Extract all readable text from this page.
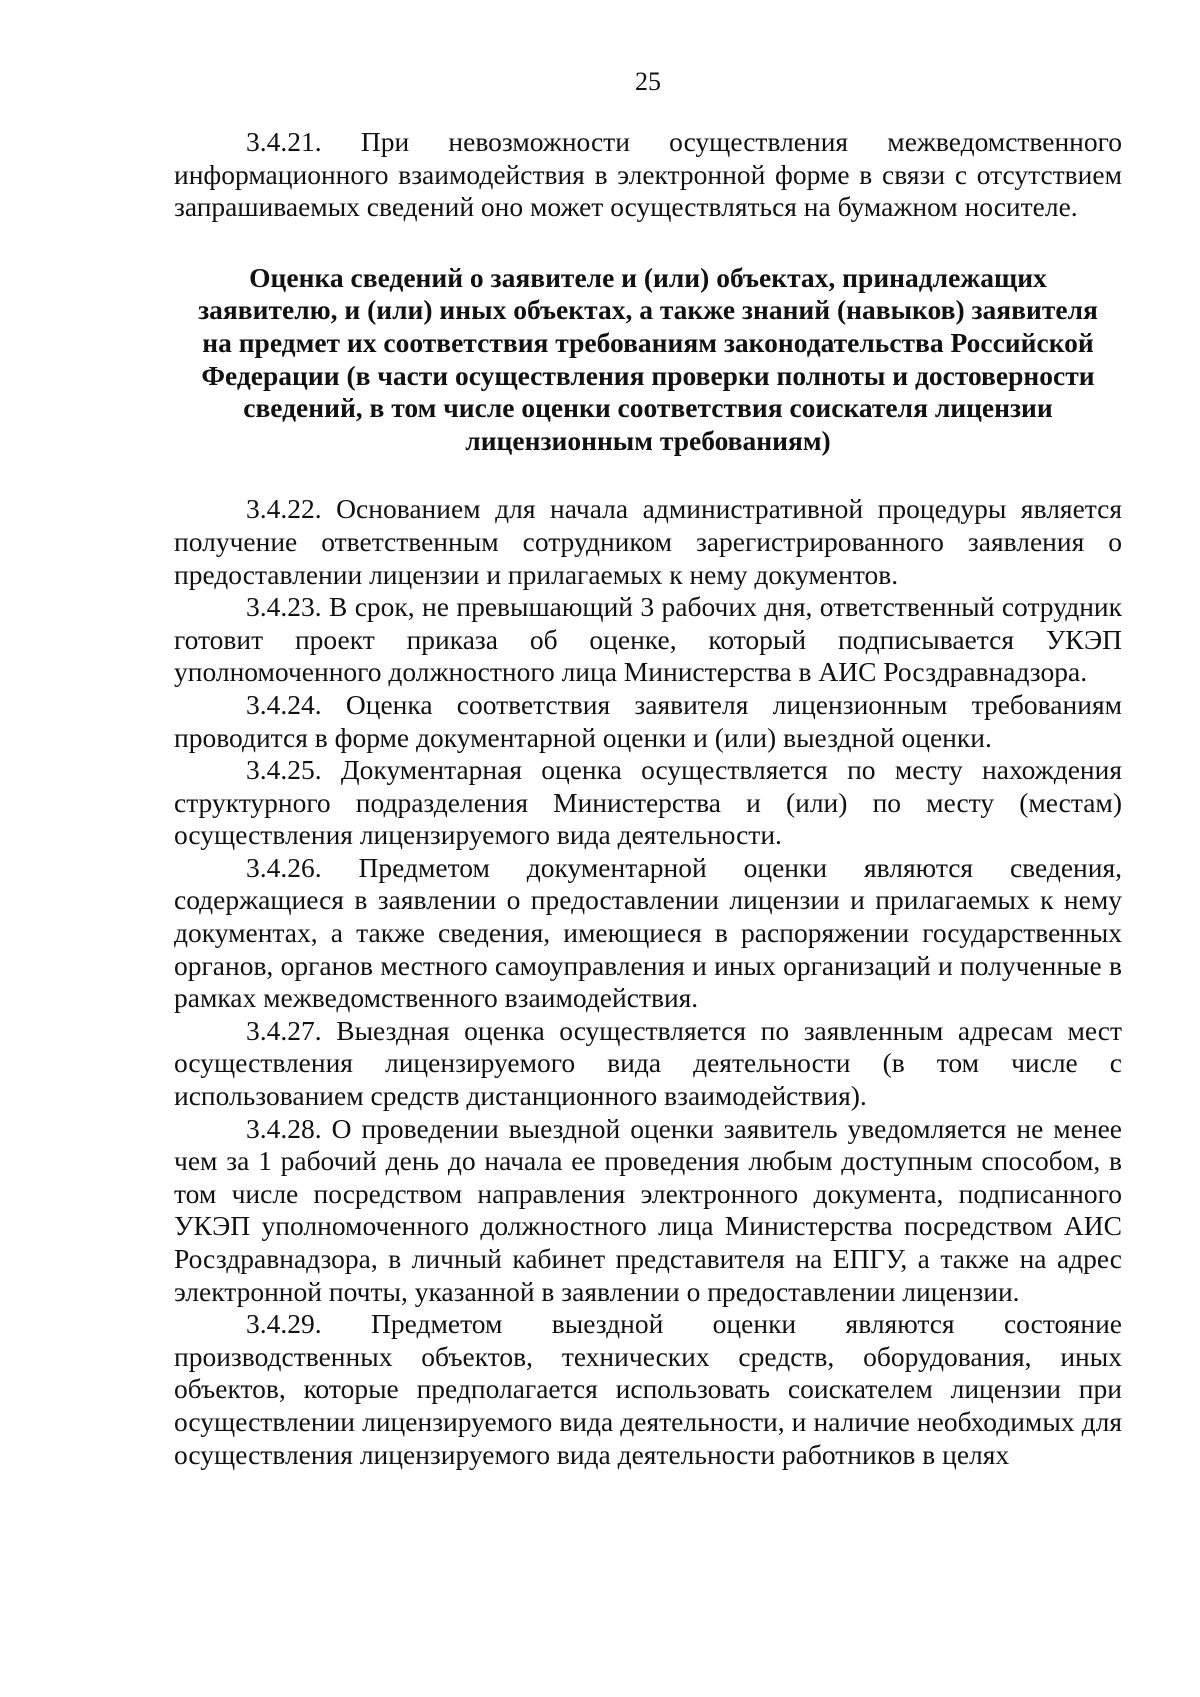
25

3.4.21. При невозможности осуществления межведомственного информационного взаимодействия в электронной форме в связи с отсутствием запрашиваемых сведений оно может осуществляться на бумажном носителе.

Оценка сведений о заявителе и (или) объектах, принадлежащих
заявителю, и (или) иных объектах, а также знаний (навыков) заявителя
на предмет их соответствия требованиям законодательства Российской
Федерации (в части осуществления проверки полноты и достоверности
сведений, в том числе оценки соответствия соискателя лицензии
лицензионным требованиям)

3.4.22. Основанием для начала административной процедуры является получение ответственным сотрудником зарегистрированного заявления о предоставлении лицензии и прилагаемых к нему документов.

3.4.23. В срок, не превышающий 3 рабочих дня, ответственный сотрудник готовит проект приказа об оценке, который подписывается УКЭП уполномоченного должностного лица Министерства в АИС Росздравнадзора.

3.4.24. Оценка соответствия заявителя лицензионным требованиям проводится в форме документарной оценки и (или) выездной оценки.

3.4.25. Документарная оценка осуществляется по месту нахождения структурного подразделения Министерства и (или) по месту (местам) осуществления лицензируемого вида деятельности.

3.4.26. Предметом документарной оценки являются сведения, содержащиеся в заявлении о предоставлении лицензии и прилагаемых к нему документах, а также сведения, имеющиеся в распоряжении государственных органов, органов местного самоуправления и иных организаций и полученные в рамках межведомственного взаимодействия.

3.4.27. Выездная оценка осуществляется по заявленным адресам мест осуществления лицензируемого вида деятельности (в том числе с использованием средств дистанционного взаимодействия).

3.4.28. О проведении выездной оценки заявитель уведомляется не менее чем за 1 рабочий день до начала ее проведения любым доступным способом, в том числе посредством направления электронного документа, подписанного УКЭП уполномоченного должностного лица Министерства посредством АИС Росздравнадзора, в личный кабинет представителя на ЕПГУ, а также на адрес электронной почты, указанной в заявлении о предоставлении лицензии.

3.4.29. Предметом выездной оценки являются состояние производственных объектов, технических средств, оборудования, иных объектов, которые предполагается использовать соискателем лицензии при осуществлении лицензируемого вида деятельности, и наличие необходимых для осуществления лицензируемого вида деятельности работников в целях
